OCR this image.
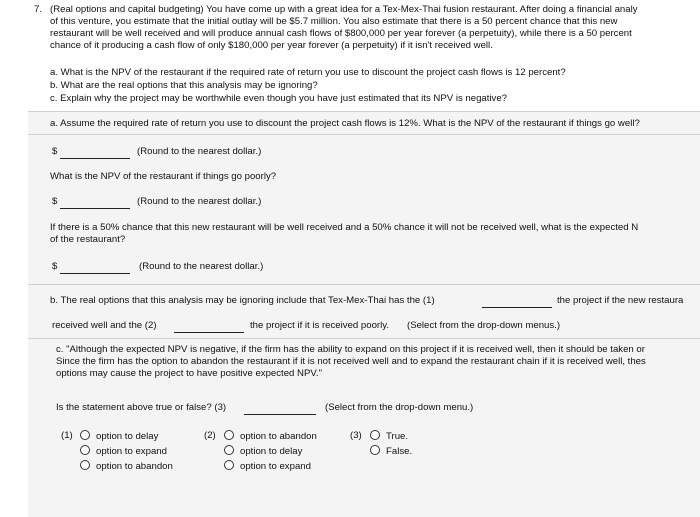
7. (Real options and capital budgeting) You have come up with a great idea for a Tex-Mex-Thai fusion restaurant. After doing a financial analy
of this venture, you estimate that the initial outlay will be $5.7 million. You also estimate that there is a 50 percent chance that this new
restaurant will be well received and will produce annual cash flows of $800,000 per year forever (a perpetuity), while there is a 50 percent
chance of it producing a cash flow of only $180,000 per year forever (a perpetuity) if it isn't received well.
a. What is the NPV of the restaurant if the required rate of return you use to discount the project cash flows is 12 percent?
b. What are the real options that this analysis may be ignoring?
c. Explain why the project may be worthwhile even though you have just estimated that its NPV is negative?
a. Assume the required rate of return you use to discount the project cash flows is 12%. What is the NPV of the restaurant if things go well?
$	(Round to the nearest dollar.)
What is the NPV of the restaurant if things go poorly?
$	(Round to the nearest dollar.)
If there is a 50% chance that this new restaurant will be well received and a 50% chance it will not be received well, what is the expected N
of the restaurant?
$	(Round to the nearest dollar.)
b. The real options that this analysis may be ignoring include that Tex-Mex-Thai has the (1)	the project if the new restaura
received well and the (2)	the project if it is received poorly. (Select from the drop-down menus.)
c. "Although the expected NPV is negative, if the firm has the ability to expand on this project if it is received well, then it should be taken or
Since the firm has the option to abandon the restaurant if it is not received well and to expand the restaurant chain if it is received well, thes
options may cause the project to have positive expected NPV."
Is the statement above true or false? (3)	(Select from the drop-down menu.)
(1)	option to delay
option to expand
option to abandon
(2)	option to abandon
option to delay
option to expand
(3)	True.
False.
